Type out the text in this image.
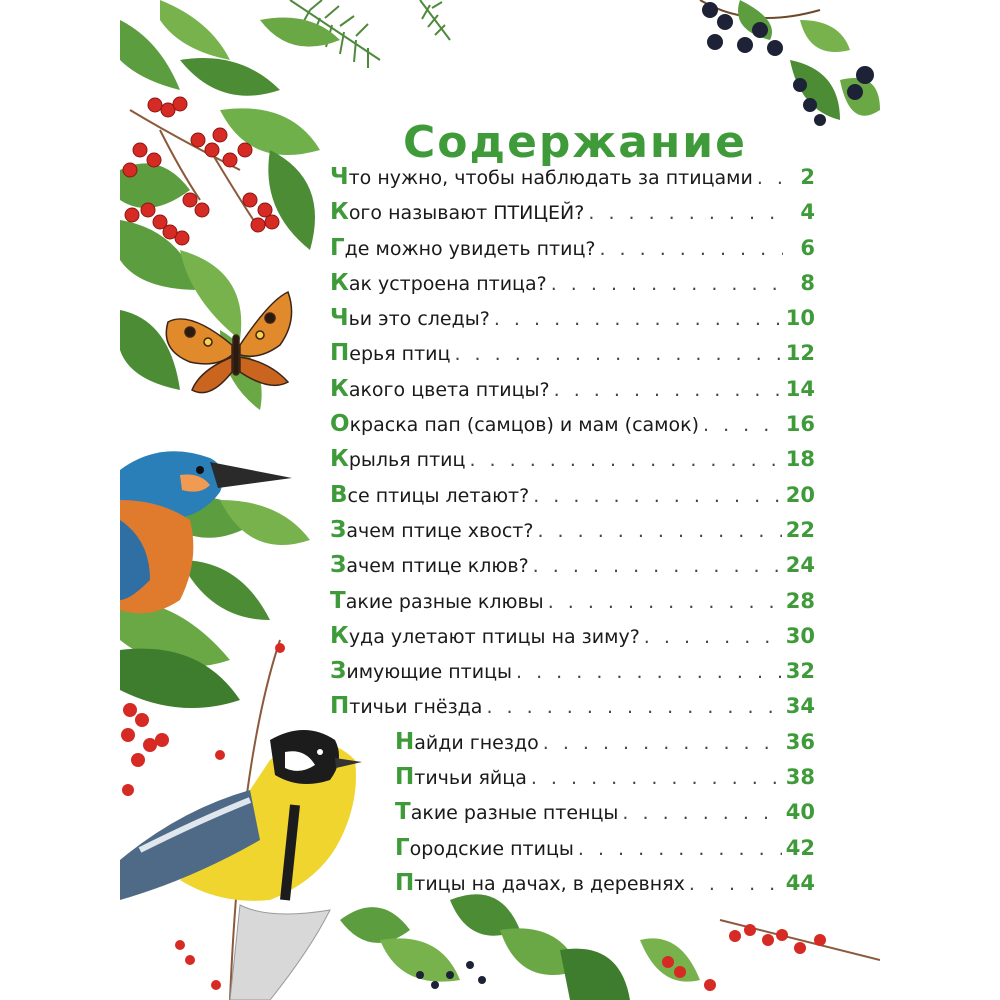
Содержание
Ч то нужно, чтобы наблюдать за птицами . . .	2
К ого называют ПТИЦЕЙ? . . .	4
Г де можно увидеть птиц? . . .	6
К ак устроена птица? . . .	8
Ч ьи это следы? . . .	10
П ерья птиц . . .	12
К акого цвета птицы? . . .	14
О краска пап (самцов) и мам (самок) . . .	16
К рылья птиц . . .	18
В се птицы летают? . . .	20
З ачем птице хвост? . . .	22
З ачем птице клюв? . . .	24
Т акие разные клювы . . .	28
К уда улетают птицы на зиму? . . .	30
З имующие птицы . . .	32
П тичьи гнёзда . . .	34
Н айди гнездо . . .	36
П тичьи яйца . . .	38
Т акие разные птенцы . . .	40
Г ородские птицы . . .	42
П тицы на дачах, в деревнях . . .	44
